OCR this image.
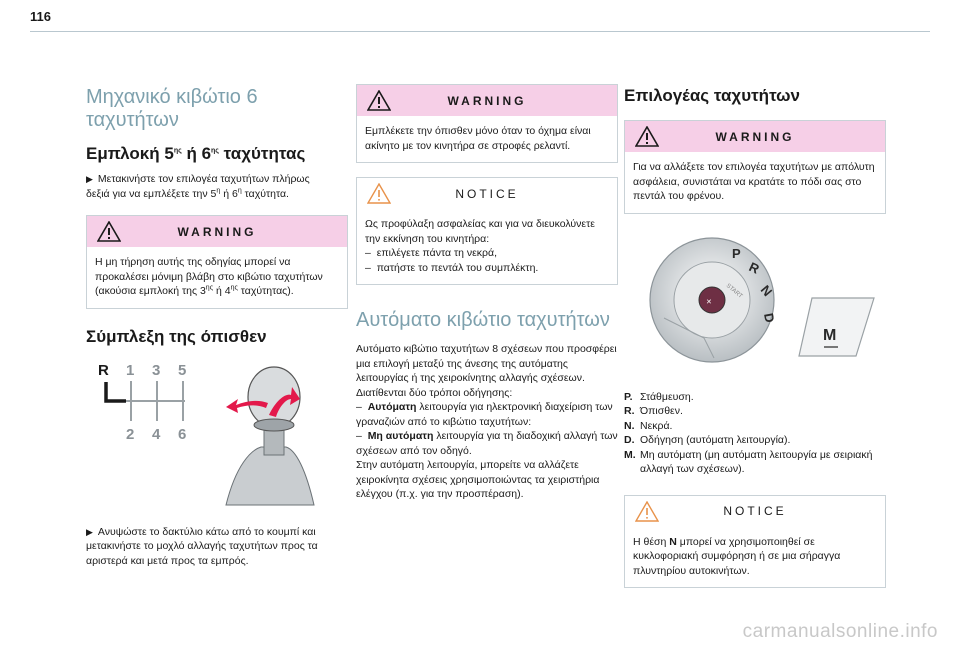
116
Μηχανικό κιβώτιο 6 ταχυτήτων
Εμπλοκή $5^{\eta\varsigma}$ ή $6^{\eta\varsigma}$ ταχύτητας
▶ Μετακινήστε τον επιλογέα ταχυτήτων πλήρως
δεξιά για να εμπλέξετε την $5^\eta$ ή $6^\eta$ ταχύτητα.
WARNING
Η μη τήρηση αυτής της οδηγίας μπορεί να
προκαλέσει μόνιμη βλάβη στο κιβώτιο ταχυτήτων
(ακούσια εμπλοκή της $3^{\eta\varsigma}$ ή $4^{\eta\varsigma}$ ταχύτητας).
Σύμπλεξη της όπισθεν
R 1 3 5
2 4 6
▶ Ανυψώστε το δακτύλιο κάτω από το κουμπί και μετακινήστε το μοχλό αλλαγής ταχυτήτων προς τα αριστερά και μετά προς τα εμπρός.
WARNING
Εμπλέκετε την όπισθεν μόνο όταν το όχημα είναι ακίνητο με τον κινητήρα σε στροφές ρελαντί.
NOTICE
Ως προφύλαξη ασφαλείας και για να διευκολύνετε την εκκίνηση του κινητήρα:
–  επιλέγετε πάντα τη νεκρά,
–  πατήστε το πεντάλ του συμπλέκτη.
Αυτόματο κιβώτιο ταχυτήτων
Αυτόματο κιβώτιο ταχυτήτων 8 σχέσεων που προσφέρει μια επιλογή μεταξύ της άνεσης της αυτόματης λειτουργίας ή της χειροκίνητης αλλαγής σχέσεων.
Διατίθενται δύο τρόποι οδήγησης:
–  Αυτόματη λειτουργία για ηλεκτρονική διαχείριση των γραναζιών από το κιβώτιο ταχυτήτων:
–  Μη αυτόματη λειτουργία για τη διαδοχική αλλαγή των σχέσεων από τον οδηγό.
Στην αυτόματη λειτουργία, μπορείτε να αλλάζετε χειροκίνητα σχέσεις χρησιμοποιώντας τα χειριστήρια ελέγχου (π.χ. για την προσπέραση).
Επιλογέας ταχυτήτων
WARNING
Για να αλλάξετε τον επιλογέα ταχυτήτων με απόλυτη ασφάλεια, συνιστάται να κρατάτε το πόδι σας στο πεντάλ του φρένου.
✕
START
P
R
N
D
M
P. Στάθμευση.
R. Όπισθεν.
N. Νεκρά.
D. Οδήγηση (αυτόματη λειτουργία).
M. Μη αυτόματη (μη αυτόματη λειτουργία με σειριακή αλλαγή των σχέσεων).
NOTICE
Η θέση N μπορεί να χρησιμοποιηθεί σε κυκλοφοριακή συμφόρηση ή σε μια σήραγγα πλυντηρίου αυτοκινήτων.
carmanualsonline.info
